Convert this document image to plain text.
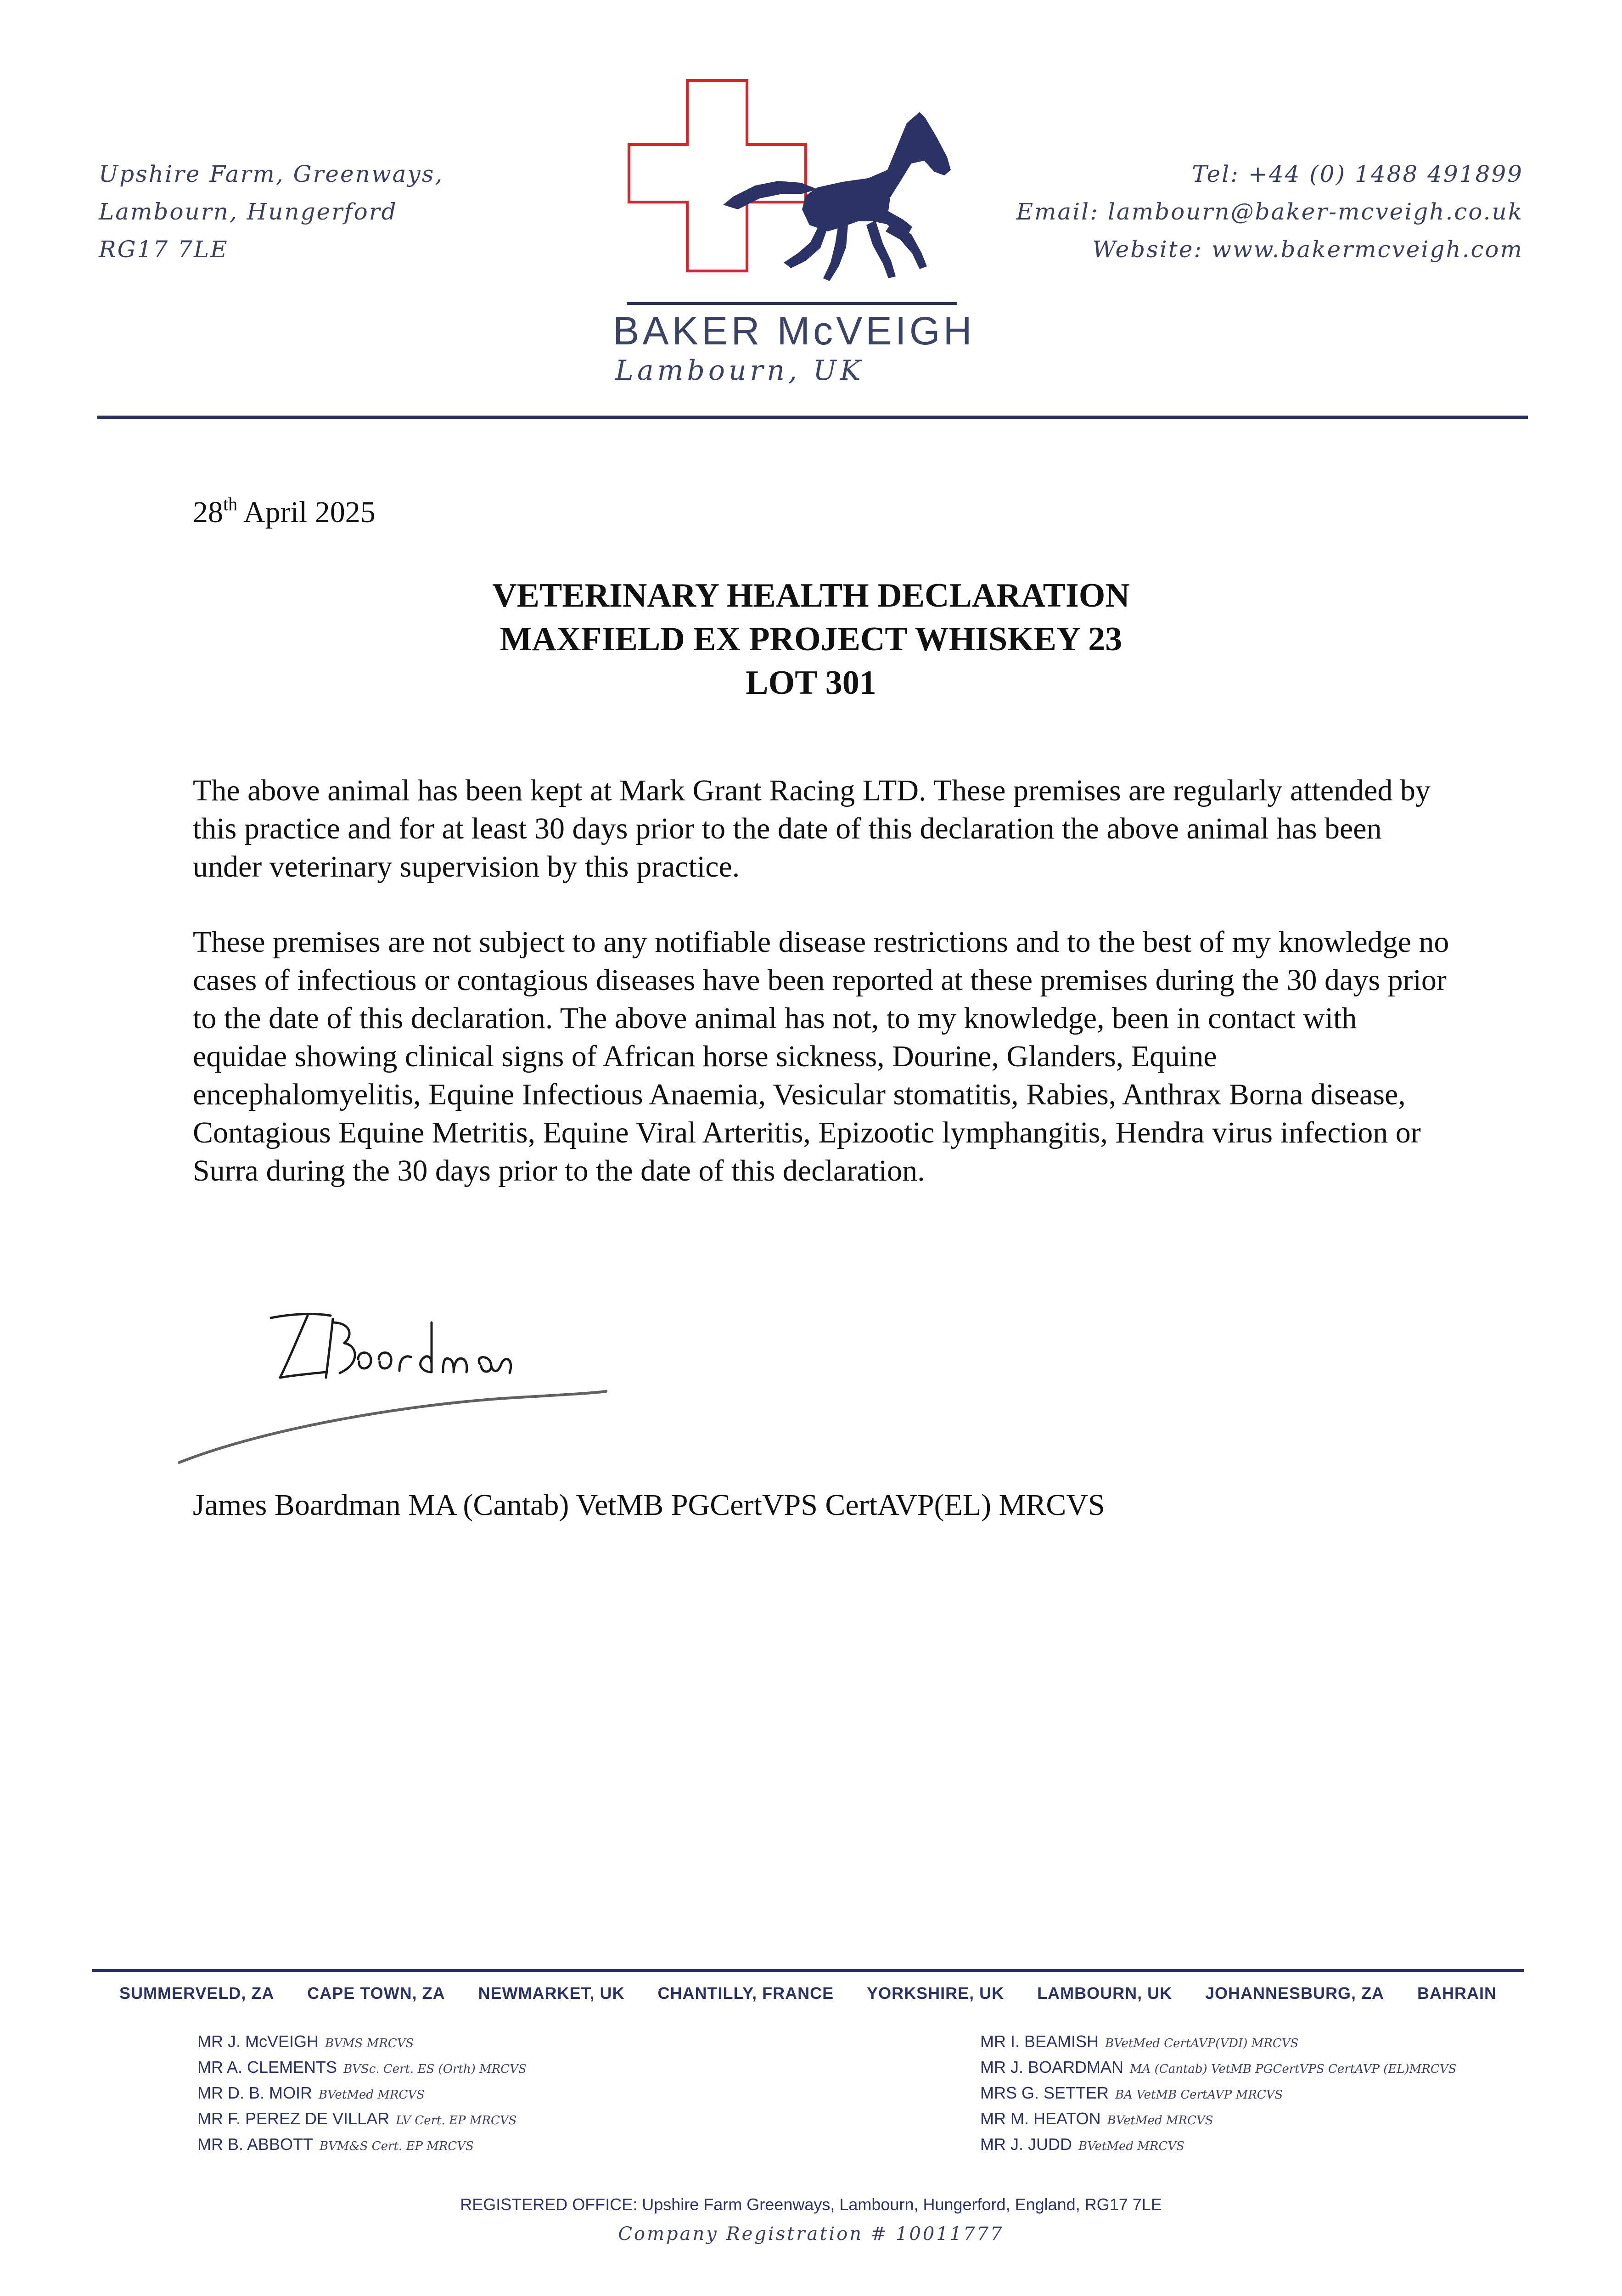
Upshire Farm, Greenways,
Lambourn, Hungerford
RG17 7LE
BAKER McVEIGH
Lambourn, UK
Tel: +44 (0) 1488 491899
Email: lambourn@baker-mcveigh.co.uk
Website: www.bakermcveigh.com
28th April 2025
VETERINARY HEALTH DECLARATION
MAXFIELD EX PROJECT WHISKEY 23
LOT 301
The above animal has been kept at Mark Grant Racing LTD. These premises are regularly attended by this practice and for at least 30 days prior to the date of this declaration the above animal has been under veterinary supervision by this practice.
These premises are not subject to any notifiable disease restrictions and to the best of my knowledge no cases of infectious or contagious diseases have been reported at these premises during the 30 days prior to the date of this declaration. The above animal has not, to my knowledge, been in contact with equidae showing clinical signs of African horse sickness, Dourine, Glanders, Equine encephalomyelitis, Equine Infectious Anaemia, Vesicular stomatitis, Rabies, Anthrax Borna disease, Contagious Equine Metritis, Equine Viral Arteritis, Epizootic lymphangitis, Hendra virus infection or Surra during the 30 days prior to the date of this declaration.
James Boardman MA (Cantab) VetMB PGCertVPS CertAVP(EL) MRCVS
SUMMERVELD, ZA CAPE TOWN, ZA NEWMARKET, UK CHANTILLY, FRANCE YORKSHIRE, UK LAMBOURN, UK JOHANNESBURG, ZA BAHRAIN
MR J. McVEIGH BVMS MRCVS
MR A. CLEMENTS BVSc. Cert. ES (Orth) MRCVS
MR D. B. MOIR BVetMed MRCVS
MR F. PEREZ DE VILLAR LV Cert. EP MRCVS
MR B. ABBOTT BVM&S Cert. EP MRCVS
MR I. BEAMISH BVetMed CertAVP(VDI) MRCVS
MR J. BOARDMAN MA (Cantab) VetMB PGCertVPS CertAVP (EL)MRCVS
MRS G. SETTER BA VetMB CertAVP MRCVS
MR M. HEATON BVetMed MRCVS
MR J. JUDD BVetMed MRCVS
REGISTERED OFFICE: Upshire Farm Greenways, Lambourn, Hungerford, England, RG17 7LE
Company Registration # 10011777
